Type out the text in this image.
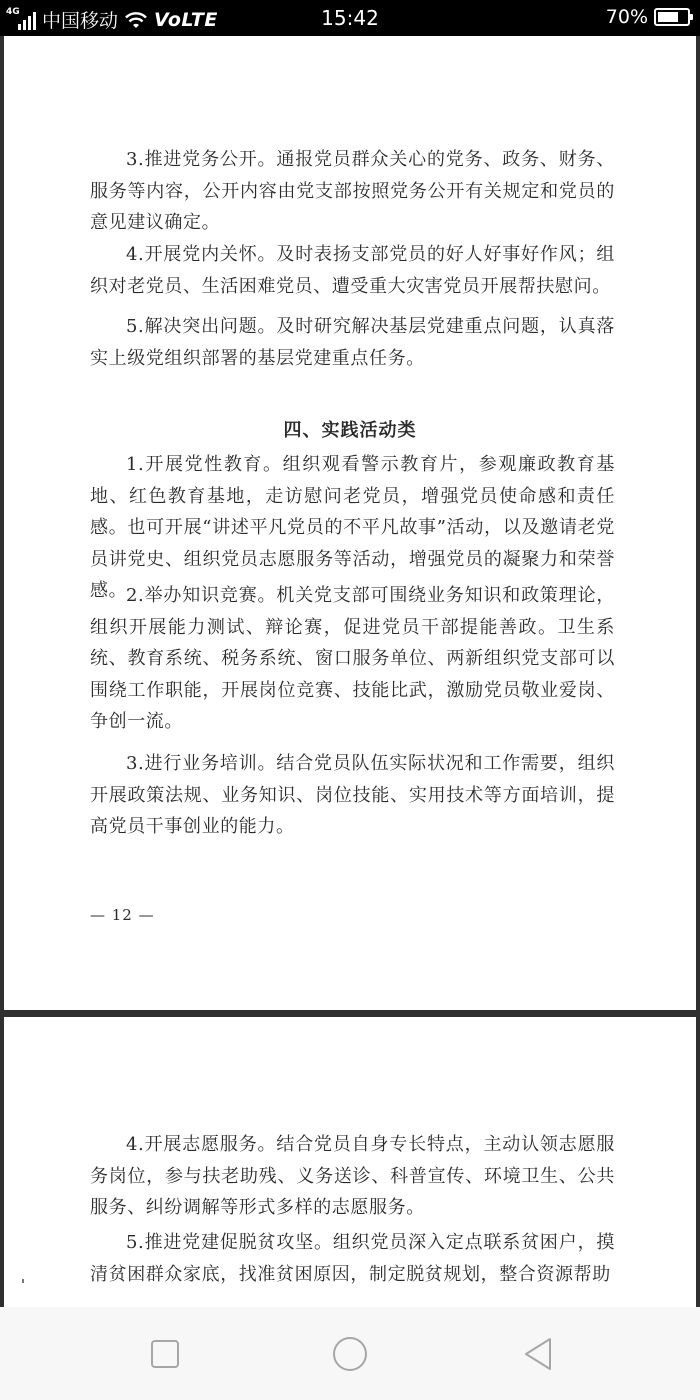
4G 中国移动 VoLTE	15:42	70%

3.推进党务公开。通报党员群众关心的党务、政务、财务、服务等内容，公开内容由党支部按照党务公开有关规定和党员的意见建议确定。

4.开展党内关怀。及时表扬支部党员的好人好事好作风；组织对老党员、生活困难党员、遭受重大灾害党员开展帮扶慰问。

5.解决突出问题。及时研究解决基层党建重点问题，认真落实上级党组织部署的基层党建重点任务。

四、实践活动类

1.开展党性教育。组织观看警示教育片，参观廉政教育基地、红色教育基地，走访慰问老党员，增强党员使命感和责任感。也可开展“讲述平凡党员的不平凡故事”活动，以及邀请老党员讲党史、组织党员志愿服务等活动，增强党员的凝聚力和荣誉感。

2.举办知识竞赛。机关党支部可围绕业务知识和政策理论，组织开展能力测试、辩论赛，促进党员干部提能善政。卫生系统、教育系统、税务系统、窗口服务单位、两新组织党支部可以围绕工作职能，开展岗位竞赛、技能比武，激励党员敬业爱岗、争创一流。

3.进行业务培训。结合党员队伍实际状况和工作需要，组织开展政策法规、业务知识、岗位技能、实用技术等方面培训，提高党员干事创业的能力。

— 12 —

4.开展志愿服务。结合党员自身专长特点，主动认领志愿服务岗位，参与扶老助残、义务送诊、科普宣传、环境卫生、公共服务、纠纷调解等形式多样的志愿服务。

5.推进党建促脱贫攻坚。组织党员深入定点联系贫困户，摸清贫困群众家底，找准贫困原因，制定脱贫规划，整合资源帮助
